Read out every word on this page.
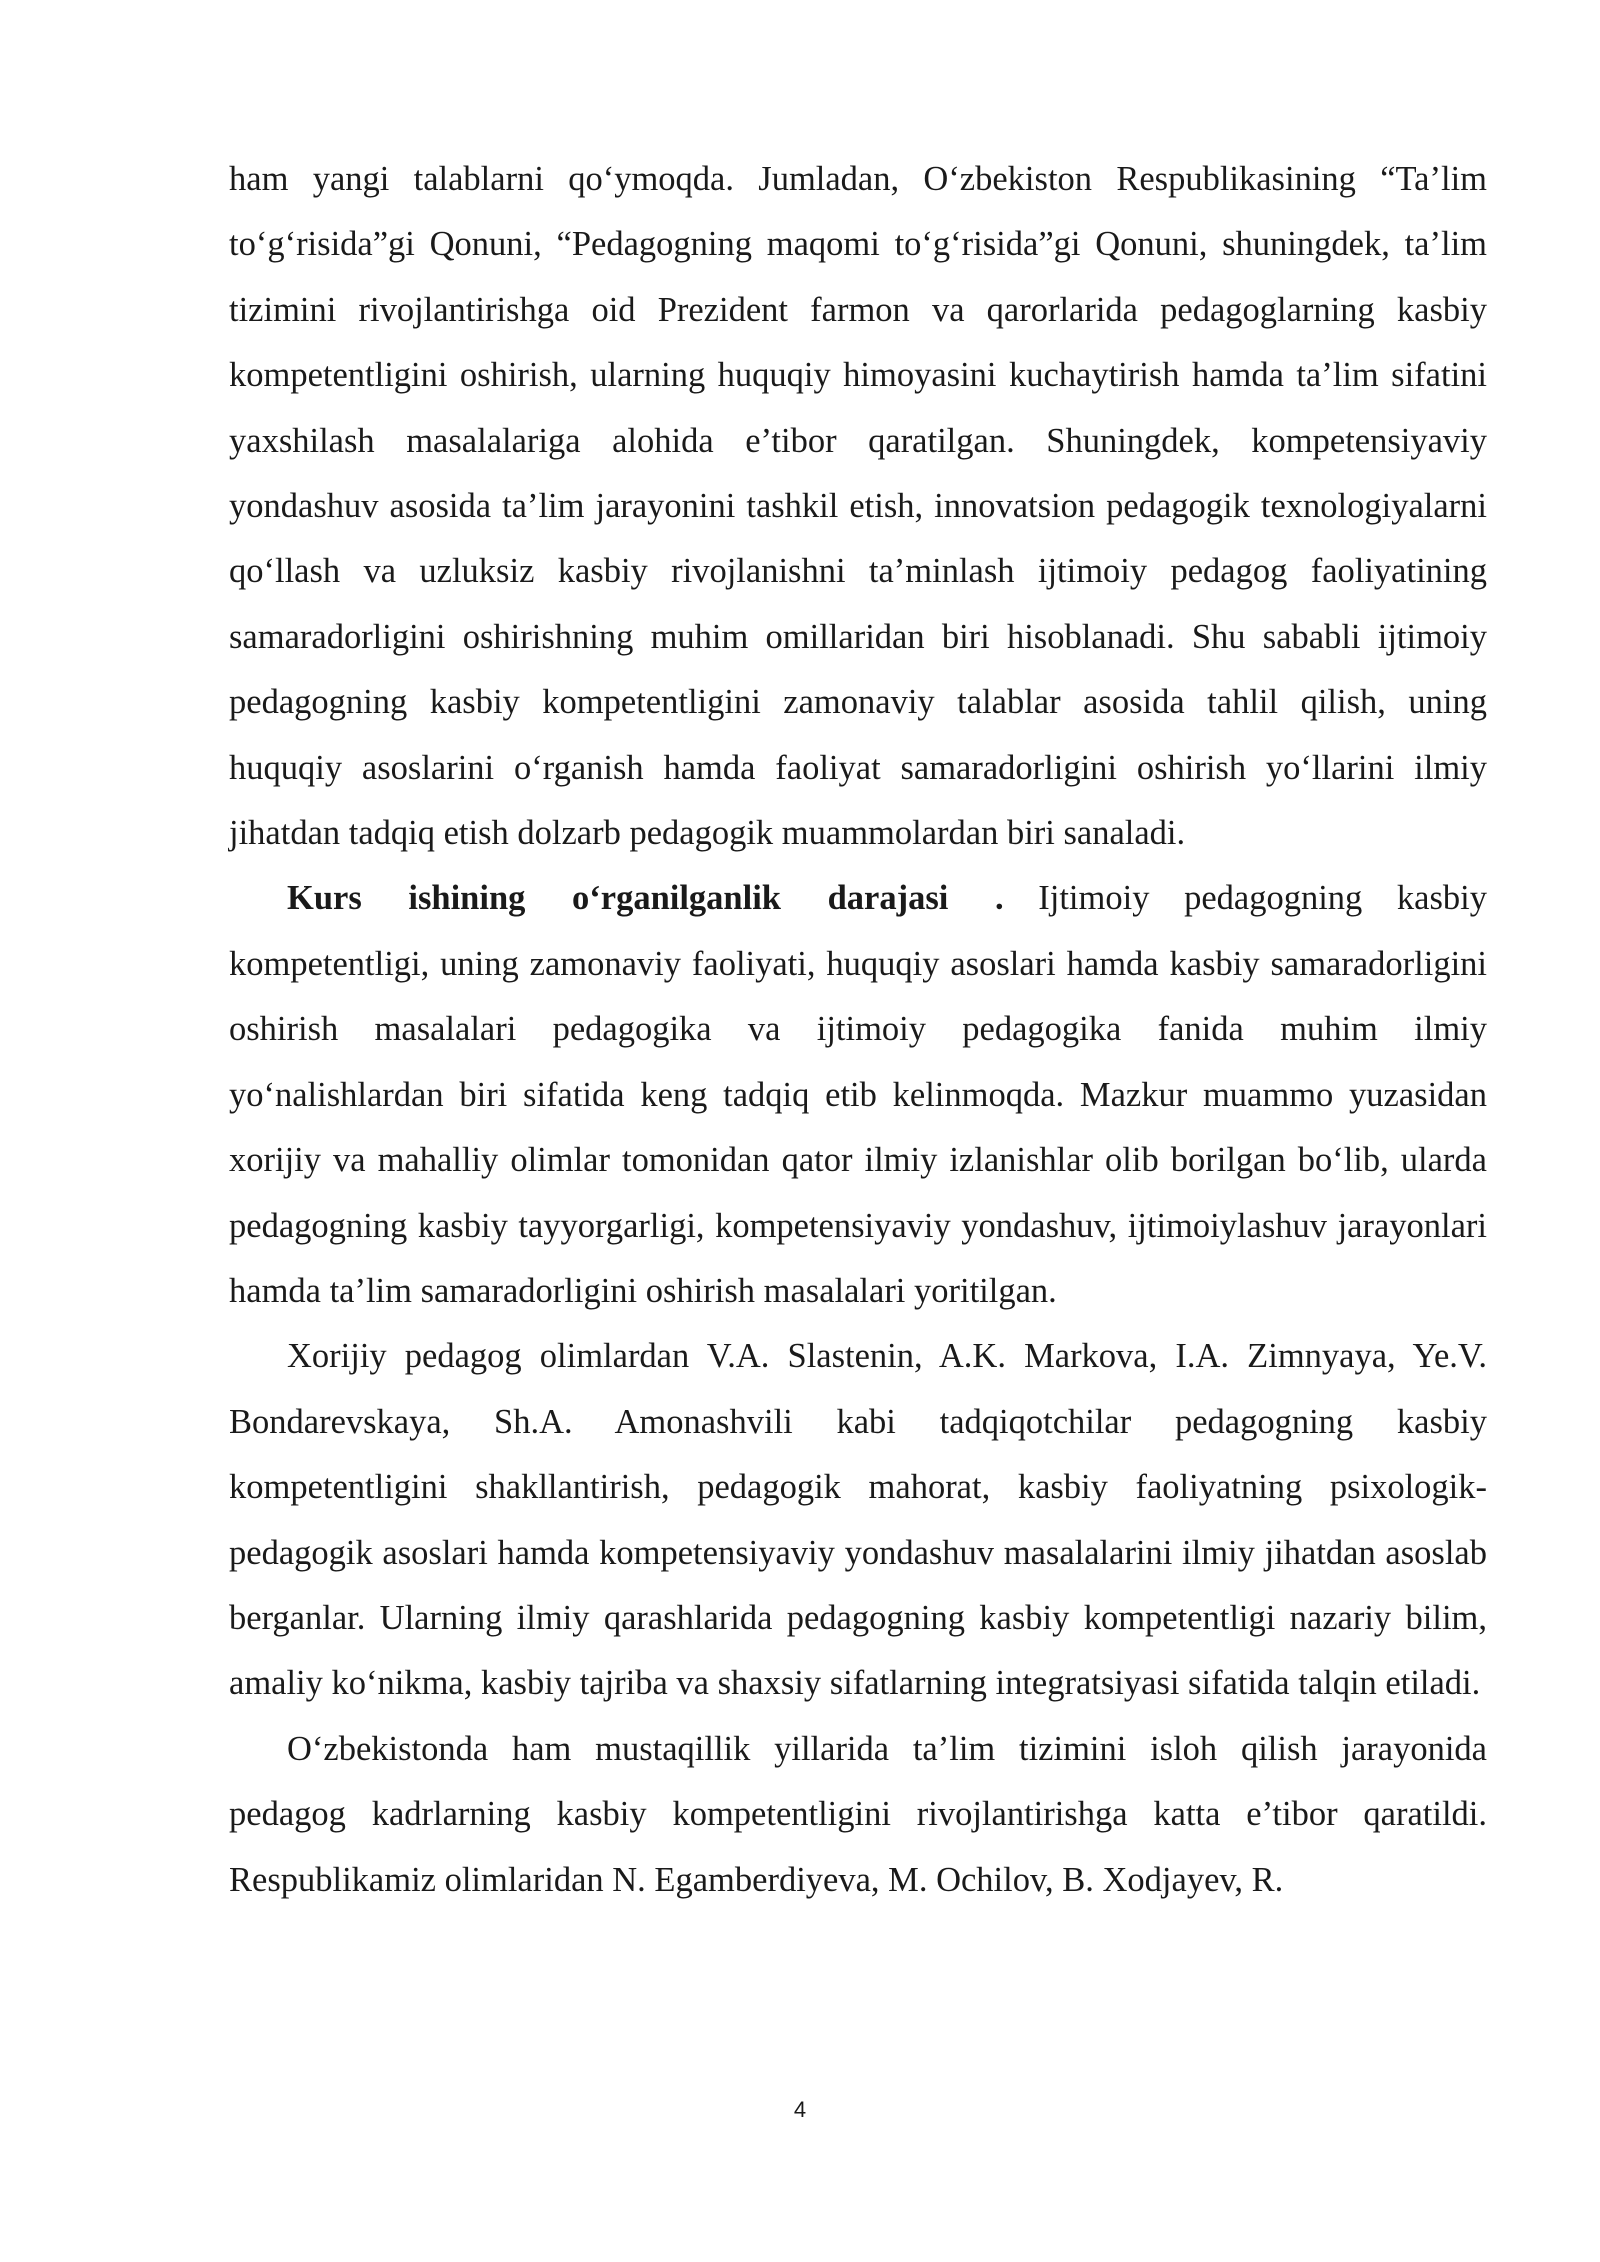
ham yangi talablarni qo‘ymoqda. Jumladan, O‘zbekiston Respublikasining “Ta’lim to‘g‘risida”gi Qonuni, “Pedagogning maqomi to‘g‘risida”gi Qonuni, shuningdek, ta’lim tizimini rivojlantirishga oid Prezident farmon va qarorlarida pedagoglarning kasbiy kompetentligini oshirish, ularning huquqiy himoyasini kuchaytirish hamda ta’lim sifatini yaxshilash masalalariga alohida e’tibor qaratilgan. Shuningdek, kompetensiyaviy yondashuv asosida ta’lim jarayonini tashkil etish, innovatsion pedagogik texnologiyalarni qo‘llash va uzluksiz kasbiy rivojlanishni ta’minlash ijtimoiy pedagog faoliyatining samaradorligini oshirishning muhim omillaridan biri hisoblanadi. Shu sababli ijtimoiy pedagogning kasbiy kompetentligini zamonaviy talablar asosida tahlil qilish, uning huquqiy asoslarini o‘rganish hamda faoliyat samaradorligini oshirish yo‘llarini ilmiy jihatdan tadqiq etish dolzarb pedagogik muammolardan biri sanaladi.

Kurs ishining o‘rganilganlik darajasi . Ijtimoiy pedagogning kasbiy kompetentligi, uning zamonaviy faoliyati, huquqiy asoslari hamda kasbiy samaradorligini oshirish masalalari pedagogika va ijtimoiy pedagogika fanida muhim ilmiy yo‘nalishlardan biri sifatida keng tadqiq etib kelinmoqda. Mazkur muammo yuzasidan xorijiy va mahalliy olimlar tomonidan qator ilmiy izlanishlar olib borilgan bo‘lib, ularda pedagogning kasbiy tayyorgarligi, kompetensiyaviy yondashuv, ijtimoiylashuv jarayonlari hamda ta’lim samaradorligini oshirish masalalari yoritilgan.

Xorijiy pedagog olimlardan V.A. Slastenin, A.K. Markova, I.A. Zimnyaya, Ye.V. Bondarevskaya, Sh.A. Amonashvili kabi tadqiqotchilar pedagogning kasbiy kompetentligini shakllantirish, pedagogik mahorat, kasbiy faoliyatning psixologik-pedagogik asoslari hamda kompetensiyaviy yondashuv masalalarini ilmiy jihatdan asoslab berganlar. Ularning ilmiy qarashlarida pedagogning kasbiy kompetentligi nazariy bilim, amaliy ko‘nikma, kasbiy tajriba va shaxsiy sifatlarning integratsiyasi sifatida talqin etiladi.

O‘zbekistonda ham mustaqillik yillarida ta’lim tizimini isloh qilish jarayonida pedagog kadrlarning kasbiy kompetentligini rivojlantirishga katta e’tibor qaratildi. Respublikamiz olimlaridan N. Egamberdiyeva, M. Ochilov, B. Xodjayev, R.

4
